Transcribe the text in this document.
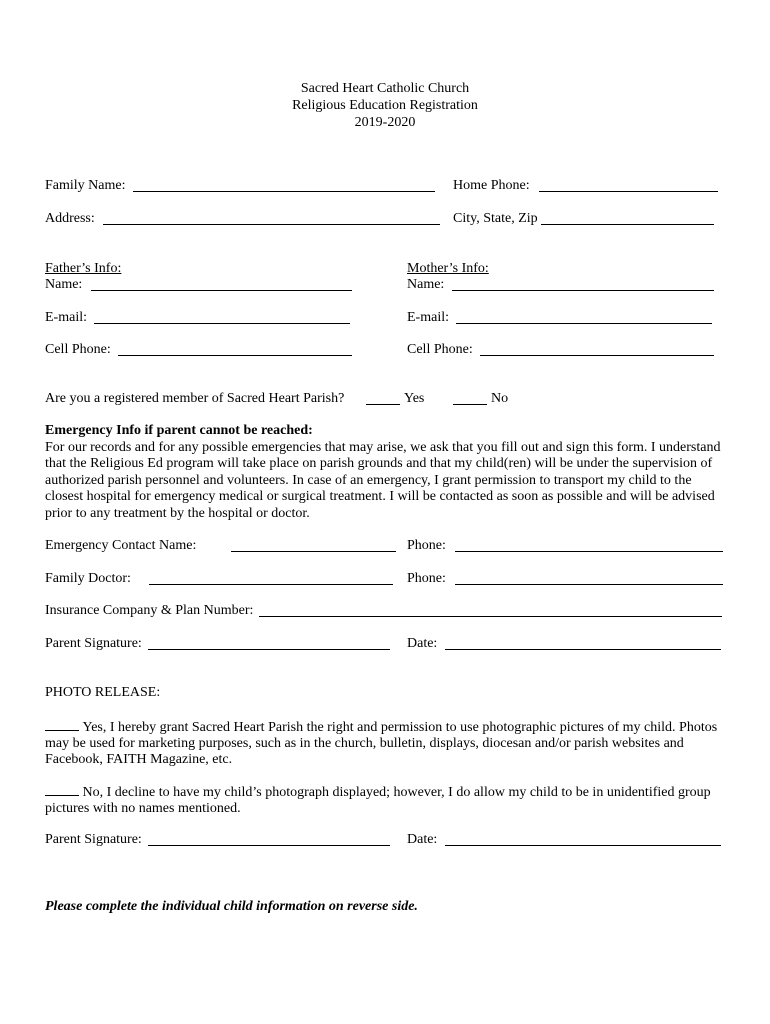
Sacred Heart Catholic Church
Religious Education Registration
2019-2020
Family Name:	Home Phone:
Address:	City, State, Zip
Father’s Info:
Name:
E-mail:
Cell Phone:
Mother’s Info:
Name:
E-mail:
Cell Phone:
Are you a registered member of Sacred Heart Parish?	Yes	No
Emergency Info if parent cannot be reached:
For our records and for any possible emergencies that may arise, we ask that you fill out and sign this form. I understand that the Religious Ed program will take place on parish grounds and that my child(ren) will be under the supervision of authorized parish personnel and volunteers. In case of an emergency, I grant permission to transport my child to the closest hospital for emergency medical or surgical treatment. I will be contacted as soon as possible and will be advised prior to any treatment by the hospital or doctor.
Emergency Contact Name:	Phone:
Family Doctor:	Phone:
Insurance Company & Plan Number:
Parent Signature:	Date:
PHOTO RELEASE:
Yes, I hereby grant Sacred Heart Parish the right and permission to use photographic pictures of my child. Photos may be used for marketing purposes, such as in the church, bulletin, displays, diocesan and/or parish websites and Facebook, FAITH Magazine, etc.
No, I decline to have my child’s photograph displayed; however, I do allow my child to be in unidentified group pictures with no names mentioned.
Parent Signature:	Date:
Please complete the individual child information on reverse side.
